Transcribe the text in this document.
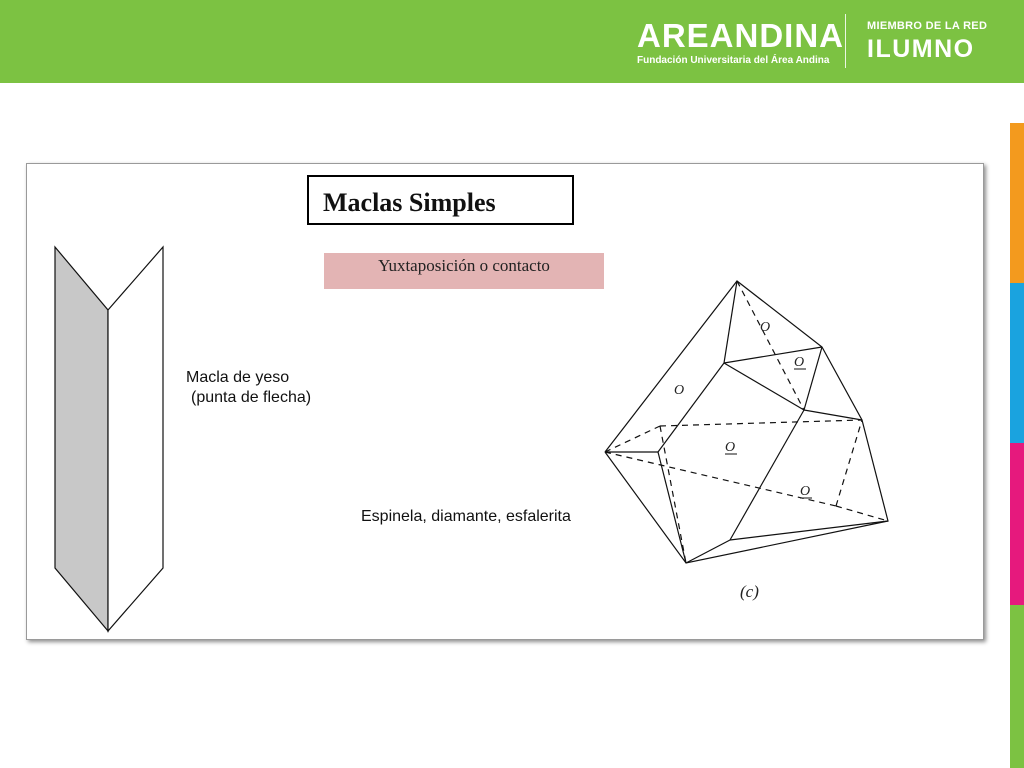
AREANDINA
Fundación Universitaria del Área Andina
MIEMBRO DE LA RED
ILUMNO
Maclas Simples
Yuxtaposición o contacto
O
O
O
O
O
(c)
Macla de yeso
(punta de flecha)
Espinela, diamante, esfalerita
